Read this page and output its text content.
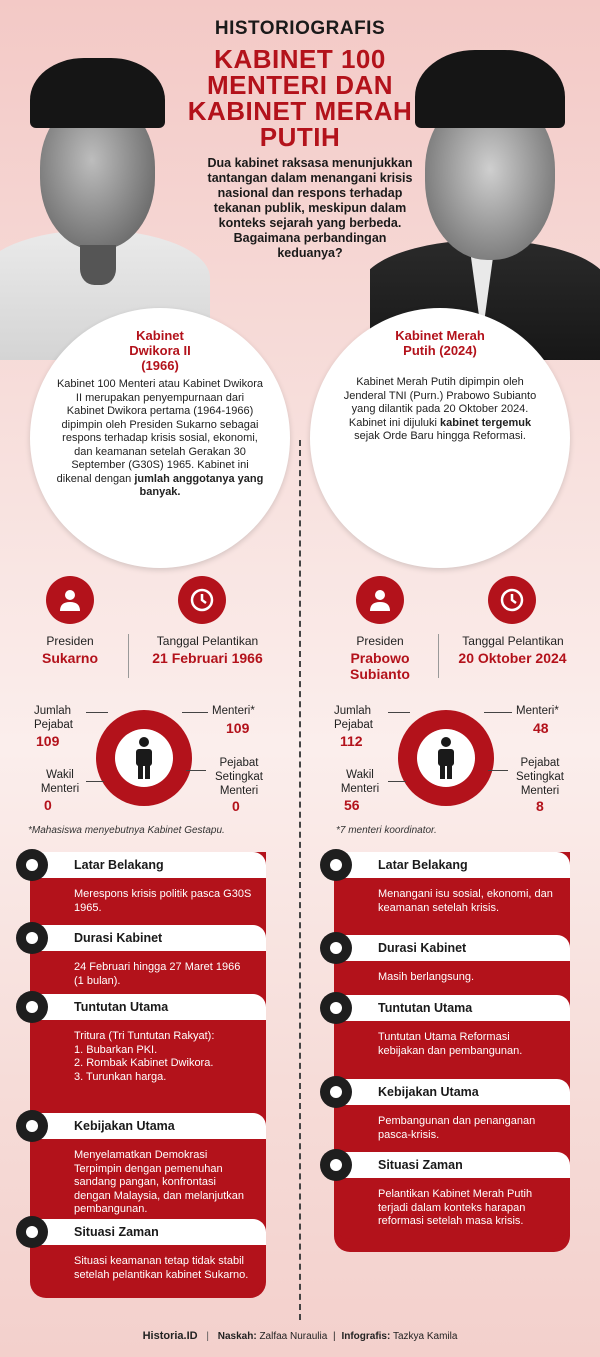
HISTORIOGRAFIS
KABINET 100 MENTERI DAN KABINET MERAH PUTIH
Dua kabinet raksasa menunjukkan tantangan dalam menangani krisis nasional dan respons terhadap tekanan publik, meskipun dalam konteks sejarah yang berbeda. Bagaimana perbandingan keduanya?
Kabinet Dwikora II (1966)
Kabinet 100 Menteri atau Kabinet Dwikora II merupakan penyempurnaan dari Kabinet Dwikora pertama (1964-1966) dipimpin oleh Presiden Sukarno sebagai respons terhadap krisis sosial, ekonomi, dan keamanan setelah Gerakan 30 September (G30S) 1965. Kabinet ini dikenal dengan jumlah anggotanya yang banyak.
Kabinet Merah Putih (2024)
Kabinet Merah Putih dipimpin oleh Jenderal TNI (Purn.) Prabowo Subianto yang dilantik pada 20 Oktober 2024. Kabinet ini dijuluki kabinet tergemuk sejak Orde Baru hingga Reformasi.
Presiden
Sukarno
Tanggal Pelantikan
21 Februari 1966
Presiden
Prabowo Subianto
Tanggal Pelantikan
20 Oktober 2024
Jumlah Pejabat
109
Menteri*
109
Wakil Menteri
0
Pejabat Setingkat Menteri
0
*Mahasiswa menyebutnya Kabinet Gestapu.
Jumlah Pejabat
112
Menteri*
48
Wakil Menteri
56
Pejabat Setingkat Menteri
8
*7 menteri koordinator.
Latar Belakang
Merespons krisis politik pasca G30S 1965.
Durasi Kabinet
24 Februari hingga 27 Maret 1966 (1 bulan).
Tuntutan Utama
Tritura (Tri Tuntutan Rakyat):
1. Bubarkan PKI.
2. Rombak Kabinet Dwikora.
3. Turunkan harga.
Kebijakan Utama
Menyelamatkan Demokrasi Terpimpin dengan pemenuhan sandang pangan, konfrontasi dengan Malaysia, dan melanjutkan pembangunan.
Situasi Zaman
Situasi keamanan tetap tidak stabil setelah pelantikan kabinet Sukarno.
Latar Belakang
Menangani isu sosial, ekonomi, dan keamanan setelah krisis.
Durasi Kabinet
Masih berlangsung.
Tuntutan Utama
Tuntutan Utama Reformasi kebijakan dan pembangunan.
Kebijakan Utama
Pembangunan dan penanganan pasca-krisis.
Situasi Zaman
Pelantikan Kabinet Merah Putih terjadi dalam konteks harapan reformasi setelah masa krisis.
Historia.ID | Naskah: Zalfaa Nuraulia | Infografis: Tazkya Kamila
